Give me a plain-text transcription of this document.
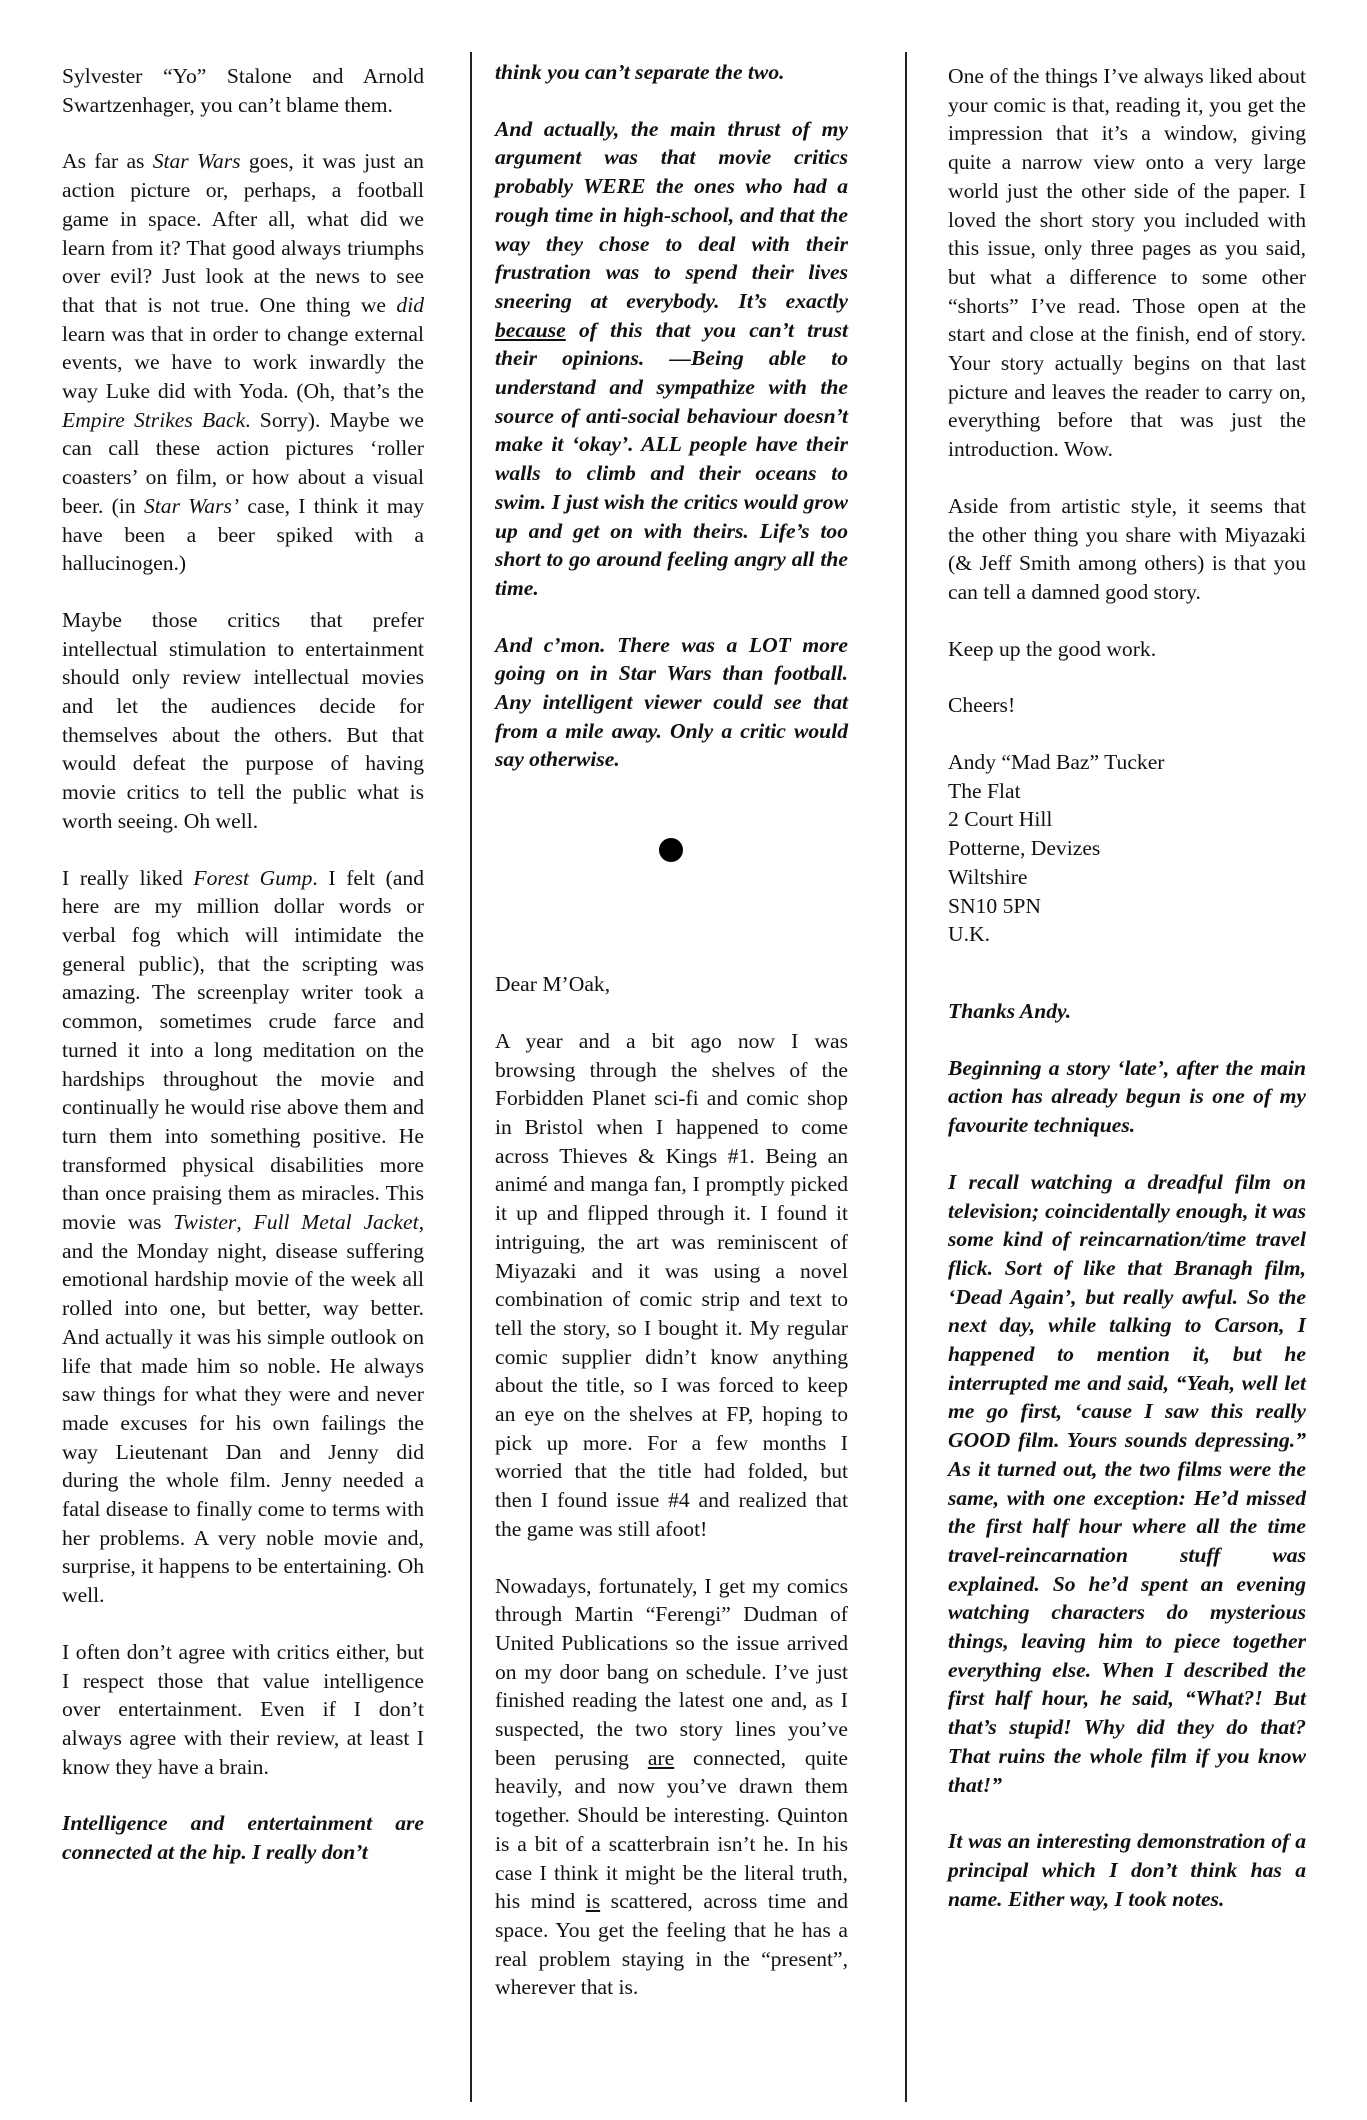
Sylvester “Yo” Stalone and Arnold Swartzenhager, you can’t blame them.

As far as Star Wars goes, it was just an action picture or, perhaps, a football game in space. After all, what did we learn from it? That good always triumphs over evil? Just look at the news to see that that is not true. One thing we did learn was that in order to change external events, we have to work inwardly the way Luke did with Yoda. (Oh, that’s the Empire Strikes Back. Sorry). Maybe we can call these action pictures ‘roller coasters’ on film, or how about a visual beer. (in Star Wars’ case, I think it may have been a beer spiked with a hallucinogen.)

Maybe those critics that prefer intellectual stimulation to entertainment should only review intellectual movies and let the audiences decide for themselves about the others. But that would defeat the purpose of having movie critics to tell the public what is worth seeing. Oh well.

I really liked Forest Gump. I felt (and here are my million dollar words or verbal fog which will intimidate the general public), that the scripting was amazing. The screenplay writer took a common, sometimes crude farce and turned it into a long meditation on the hardships throughout the movie and continually he would rise above them and turn them into something positive. He transformed physical disabilities more than once praising them as miracles. This movie was Twister, Full Metal Jacket, and the Monday night, disease suffering emotional hardship movie of the week all rolled into one, but better, way better. And actually it was his simple outlook on life that made him so noble. He always saw things for what they were and never made excuses for his own failings the way Lieutenant Dan and Jenny did during the whole film. Jenny needed a fatal disease to finally come to terms with her problems. A very noble movie and, surprise, it happens to be entertaining. Oh well.

I often don’t agree with critics either, but I respect those that value intelligence over entertainment. Even if I don’t always agree with their review, at least I know they have a brain.

Intelligence and entertainment are connected at the hip. I really don’t

think you can’t separate the two.

And actually, the main thrust of my argument was that movie critics probably WERE the ones who had a rough time in high-school, and that the way they chose to deal with their frustration was to spend their lives sneering at everybody. It’s exactly because of this that you can’t trust their opinions. —Being able to understand and sympathize with the source of anti-social behaviour doesn’t make it ‘okay’. ALL people have their walls to climb and their oceans to swim. I just wish the critics would grow up and get on with theirs. Life’s too short to go around feeling angry all the time.

And c’mon. There was a LOT more going on in Star Wars than football. Any intelligent viewer could see that from a mile away. Only a critic would say otherwise.

Dear M’Oak,

A year and a bit ago now I was browsing through the shelves of the Forbidden Planet sci-fi and comic shop in Bristol when I happened to come across Thieves & Kings #1. Being an animé and manga fan, I promptly picked it up and flipped through it. I found it intriguing, the art was reminiscent of Miyazaki and it was using a novel combination of comic strip and text to tell the story, so I bought it. My regular comic supplier didn’t know anything about the title, so I was forced to keep an eye on the shelves at FP, hoping to pick up more. For a few months I worried that the title had folded, but then I found issue #4 and realized that the game was still afoot!

Nowadays, fortunately, I get my comics through Martin “Ferengi” Dudman of United Publications so the issue arrived on my door bang on schedule. I’ve just finished reading the latest one and, as I suspected, the two story lines you’ve been perusing are connected, quite heavily, and now you’ve drawn them together. Should be interesting. Quinton is a bit of a scatterbrain isn’t he. In his case I think it might be the literal truth, his mind is scattered, across time and space. You get the feeling that he has a real problem staying in the “present”, wherever that is.

One of the things I’ve always liked about your comic is that, reading it, you get the impression that it’s a window, giving quite a narrow view onto a very large world just the other side of the paper. I loved the short story you included with this issue, only three pages as you said, but what a difference to some other “shorts” I’ve read. Those open at the start and close at the finish, end of story. Your story actually begins on that last picture and leaves the reader to carry on, everything before that was just the introduction. Wow.

Aside from artistic style, it seems that the other thing you share with Miyazaki (& Jeff Smith among others) is that you can tell a damned good story.

Keep up the good work.

Cheers!

Andy “Mad Baz” Tucker
The Flat
2 Court Hill
Potterne, Devizes
Wiltshire
SN10 5PN
U.K.

Thanks Andy.

Beginning a story ‘late’, after the main action has already begun is one of my favourite techniques.

I recall watching a dreadful film on television; coincidentally enough, it was some kind of reincarnation/time travel flick. Sort of like that Branagh film, ‘Dead Again’, but really awful. So the next day, while talking to Carson, I happened to mention it, but he interrupted me and said, “Yeah, well let me go first, ‘cause I saw this really GOOD film. Yours sounds depressing.” As it turned out, the two films were the same, with one exception: He’d missed the first half hour where all the time travel-reincarnation stuff was explained. So he’d spent an evening watching characters do mysterious things, leaving him to piece together everything else. When I described the first half hour, he said, “What?! But that’s stupid! Why did they do that? That ruins the whole film if you know that!”

It was an interesting demonstration of a principal which I don’t think has a name. Either way, I took notes.
